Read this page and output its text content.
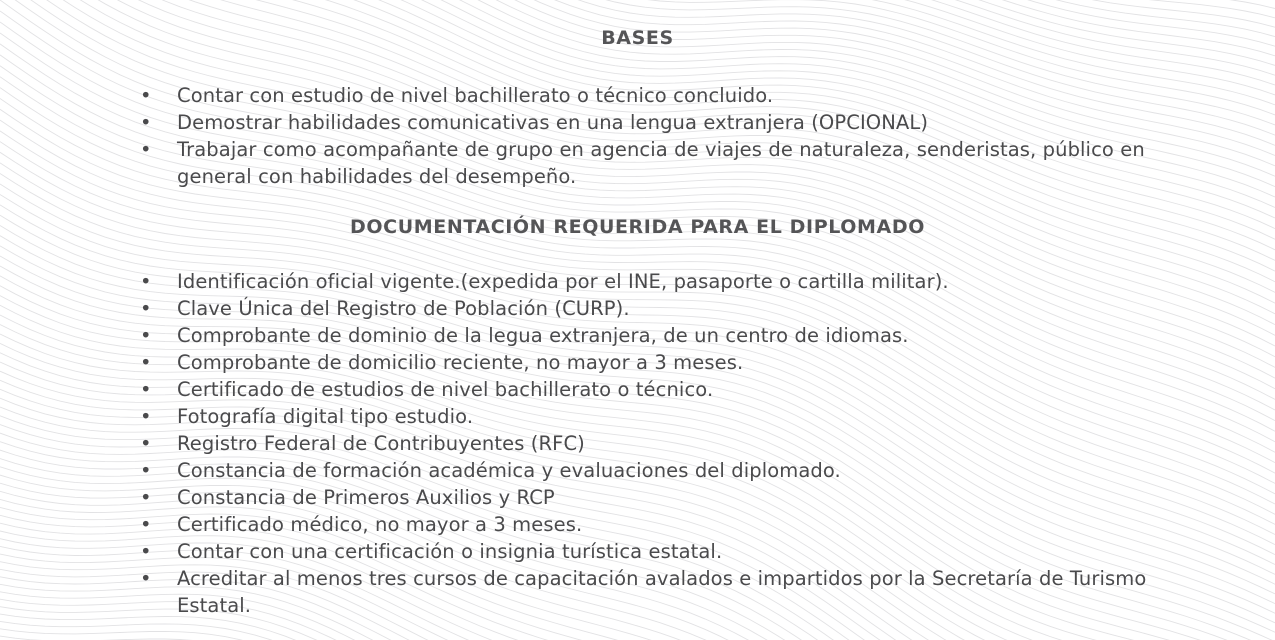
BASES
• Contar con estudio de nivel bachillerato o técnico concluido.
• Demostrar habilidades comunicativas en una lengua extranjera (OPCIONAL)
• Trabajar como acompañante de grupo en agencia de viajes de naturaleza, senderistas, público en general con habilidades del desempeño.
DOCUMENTACIÓN REQUERIDA PARA EL DIPLOMADO
• Identificación oficial vigente.(expedida por el INE, pasaporte o cartilla militar).
• Clave Única del Registro de Población (CURP).
• Comprobante de dominio de la legua extranjera, de un centro de idiomas.
• Comprobante de domicilio reciente, no mayor a 3 meses.
• Certificado de estudios de nivel bachillerato o técnico.
• Fotografía digital tipo estudio.
• Registro Federal de Contribuyentes (RFC)
• Constancia de formación académica y evaluaciones del diplomado.
• Constancia de Primeros Auxilios y RCP
• Certificado médico, no mayor a 3 meses.
• Contar con una certificación o insignia turística estatal.
• Acreditar al menos tres cursos de capacitación avalados e impartidos por la Secretaría de Turismo Estatal.
